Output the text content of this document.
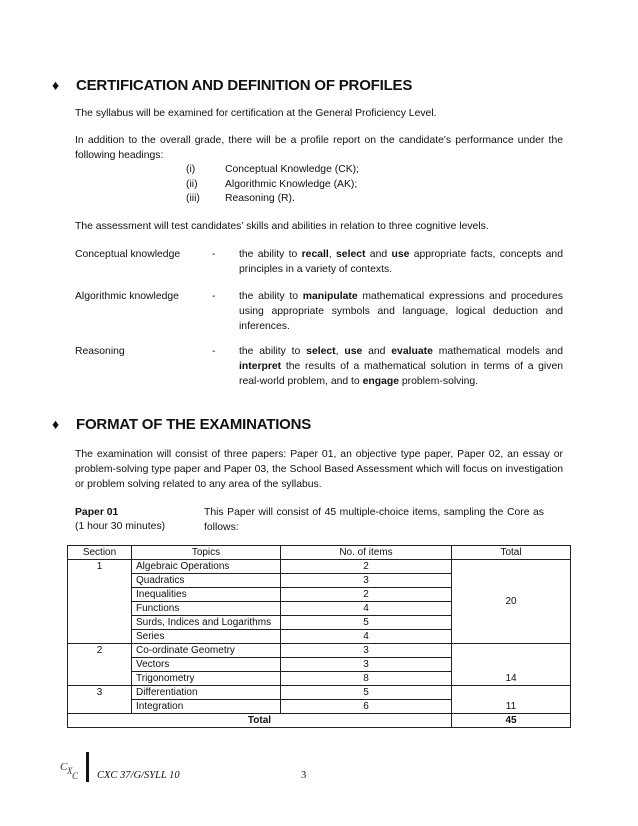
♦ CERTIFICATION AND DEFINITION OF PROFILES
The syllabus will be examined for certification at the General Proficiency Level.
In addition to the overall grade, there will be a profile report on the candidate's performance under the following headings:
(i)	Conceptual Knowledge (CK);
(ii)	Algorithmic Knowledge (AK);
(iii) Reasoning (R).
The assessment will test candidates’ skills and abilities in relation to three cognitive levels.
Conceptual knowledge	- the ability to recall, select and use appropriate facts, concepts and principles in a variety of contexts.
Algorithmic knowledge	- the ability to manipulate mathematical expressions and procedures using appropriate symbols and language, logical deduction and inferences.
Reasoning	- the ability to select, use and evaluate mathematical models and interpret the results of a mathematical solution in terms of a given real-world problem, and to engage problem-solving.
♦ FORMAT OF THE EXAMINATIONS
The examination will consist of three papers: Paper 01, an objective type paper, Paper 02, an essay or problem-solving type paper and Paper 03, the School Based Assessment which will focus on investigation or problem solving related to any area of the syllabus.
Paper 01
(1 hour 30 minutes)
This Paper will consist of 45 multiple-choice items, sampling the Core as follows:
Section	Topics	No. of items	Total
1	Algebraic Operations	2	20
	Quadratics	3	
	Inequalities	2	
	Functions	4	
	Surds, Indices and Logarithms	5	
	Series	4	
2	Co-ordinate Geometry	3	14
	Vectors	3	
	Trigonometry	8	
3	Differentiation	5	11
	Integration	6	
Total			45
C X C CXC 37/G/SYLL 10	3
